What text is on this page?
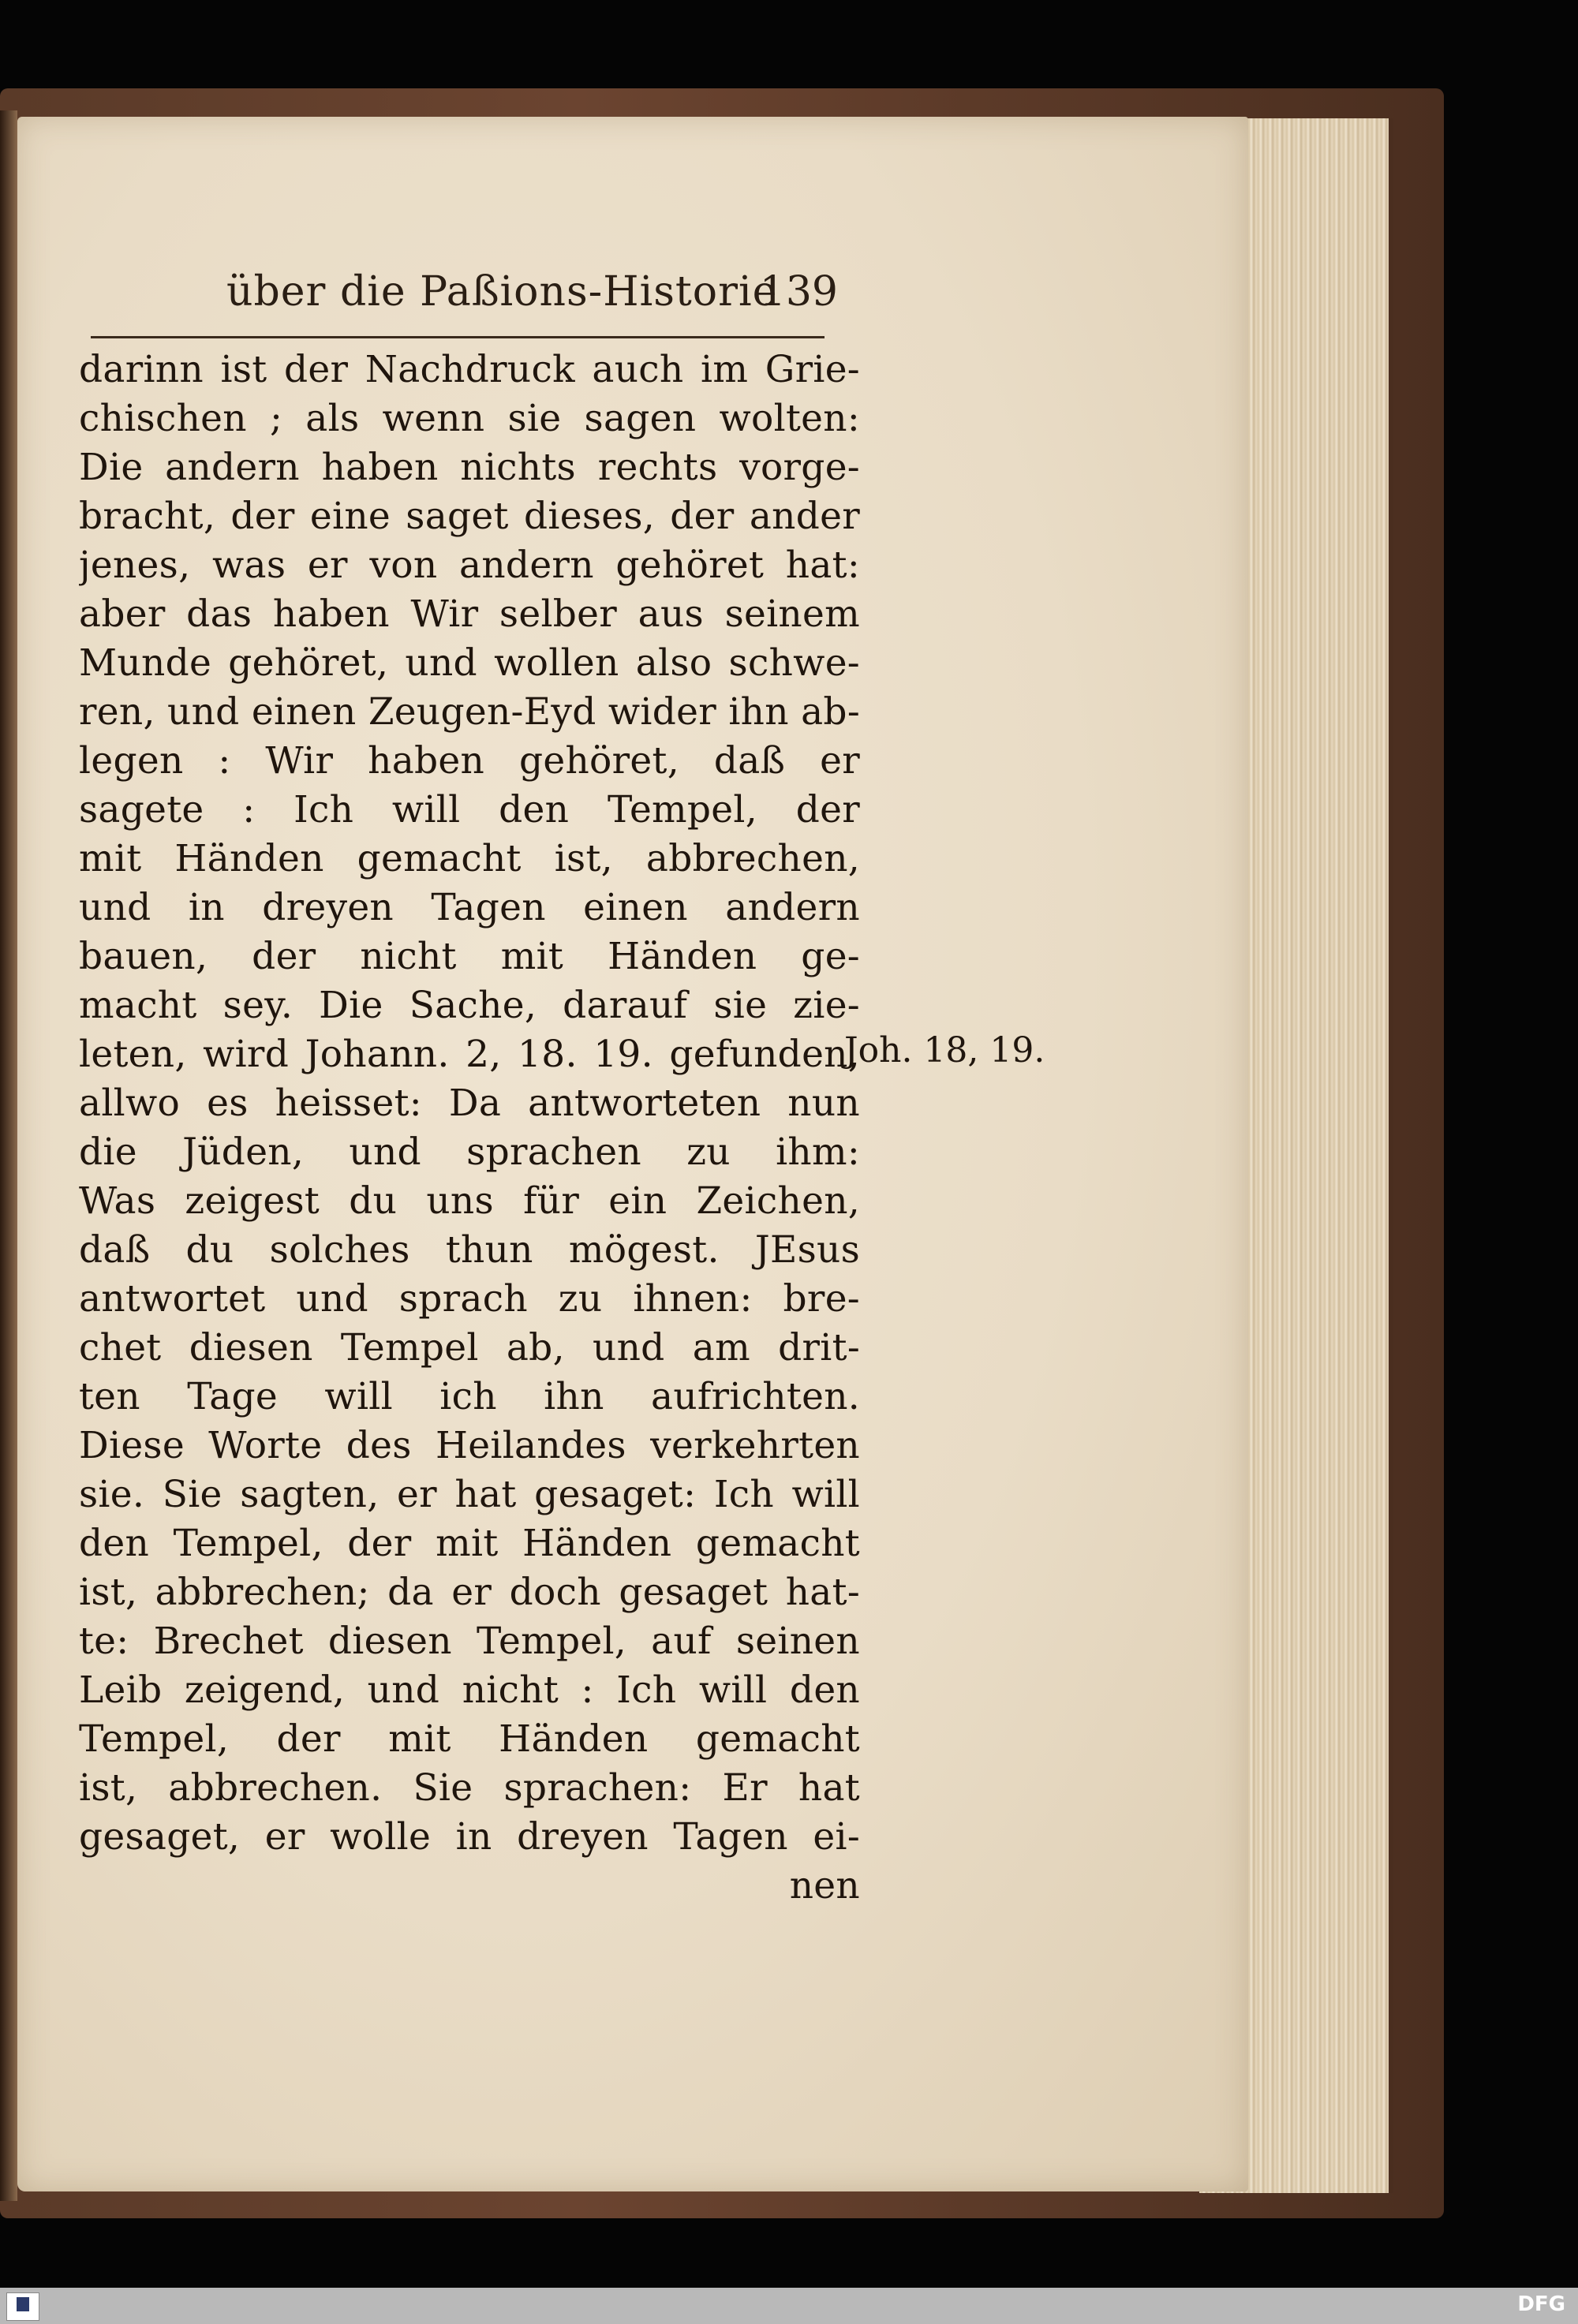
über die Paßions-Historie
139
darinn ist der Nachdruck auch im Grie-
chischen ; als wenn sie sagen wolten:
Die andern haben nichts rechts vorge-
bracht, der eine saget dieses, der ander
jenes, was er von andern gehöret hat:
aber das haben Wir selber aus seinem
Munde gehöret, und wollen also schwe-
ren, und einen Zeugen-Eyd wider ihn ab-
legen : Wir haben gehöret, daß er
sagete : Ich will den Tempel, der
mit Händen gemacht ist, abbrechen,
und in dreyen Tagen einen andern
bauen, der nicht mit Händen ge-
macht sey. Die Sache, darauf sie zie-
leten, wird Johann. 2, 18. 19. gefunden,
allwo es heisset: Da antworteten nun
die Jüden, und sprachen zu ihm:
Was zeigest du uns für ein Zeichen,
daß du solches thun mögest. JEsus
antwortet und sprach zu ihnen: bre-
chet diesen Tempel ab, und am drit-
ten Tage will ich ihn aufrichten.
Diese Worte des Heilandes verkehrten
sie. Sie sagten, er hat gesaget: Ich will
den Tempel, der mit Händen gemacht
ist, abbrechen; da er doch gesaget hat-
te: Brechet diesen Tempel, auf seinen
Leib zeigend, und nicht : Ich will den
Tempel, der mit Händen gemacht
ist, abbrechen. Sie sprachen: Er hat
gesaget, er wolle in dreyen Tagen ei-
nen
Joh. 18, 19.
DFG
